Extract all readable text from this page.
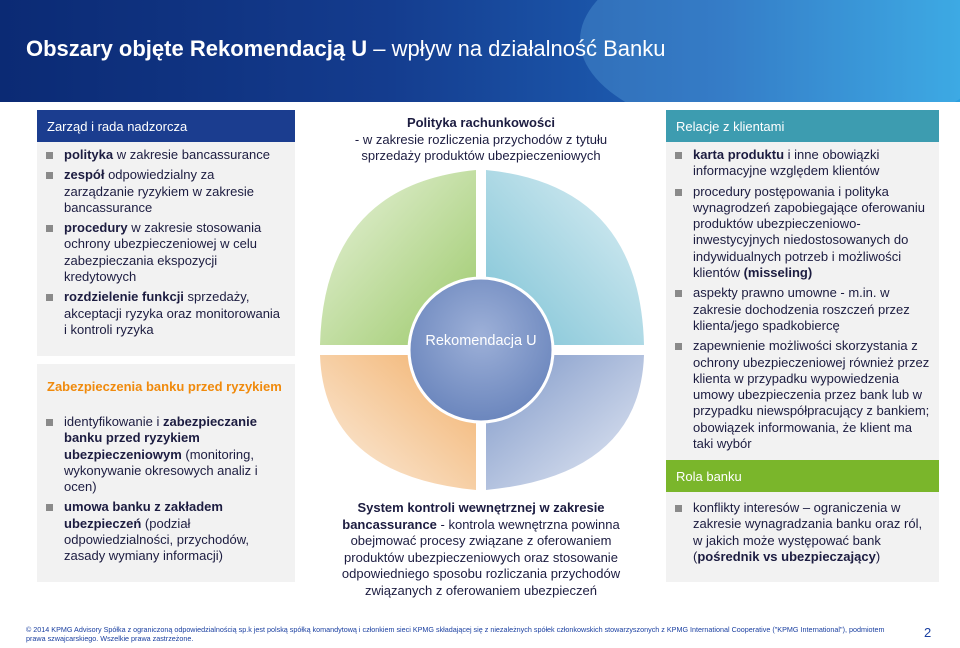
Obszary objęte Rekomendacją U – wpływ na działalność Banku
Zarząd i rada nadzorcza
polityka w zakresie bancassurance
zespół odpowiedzialny za zarządzanie ryzykiem w zakresie bancassurance
procedury w zakresie stosowania ochrony ubezpieczeniowej w celu zabezpieczania ekspozycji kredytowych
rozdzielenie funkcji sprzedaży, akceptacji ryzyka oraz monitorowania i kontroli ryzyka
Zabezpieczenia banku przed ryzykiem
identyfikowanie i zabezpieczanie banku przed ryzykiem ubezpieczeniowym (monitoring, wykonywanie okresowych analiz i ocen)
umowa banku z zakładem ubezpieczeń (podział odpowiedzialności, przychodów, zasady wymiany informacji)
Rekomendacja U
Polityka rachunkowości
- w zakresie rozliczenia przychodów z tytułu sprzedaży produktów ubezpieczeniowych
System kontroli wewnętrznej w zakresie bancassurance - kontrola wewnętrzna powinna obejmować procesy związane z oferowaniem produktów ubezpieczeniowych oraz stosowanie odpowiedniego sposobu rozliczania przychodów związanych z oferowaniem ubezpieczeń
Relacje z klientami
karta produktu i inne obowiązki informacyjne względem klientów
procedury postępowania i polityka wynagrodzeń zapobiegające oferowaniu produktów ubezpieczeniowo-inwestycyjnych niedostosowanych do indywidualnych potrzeb i możliwości klientów (misseling)
aspekty prawno umowne - m.in. w zakresie dochodzenia roszczeń przez klienta/jego spadkobiercę
zapewnienie możliwości skorzystania z ochrony ubezpieczeniowej również przez klienta w przypadku wypowiedzenia umowy ubezpieczenia przez bank lub w przypadku niewspółpracujący z bankiem; obowiązek informowania, że klient ma taki wybór
Rola banku
konflikty interesów – ograniczenia w zakresie wynagradzania banku oraz ról, w jakich może występować bank (pośrednik vs ubezpieczający)
© 2014 KPMG Advisory Spółka z ograniczoną odpowiedzialnością sp.k jest polską spółką komandytową i członkiem sieci KPMG składającej się z niezależnych spółek członkowskich stowarzyszonych z KPMG International Cooperative ("KPMG International"), podmiotem prawa szwajcarskiego. Wszelkie prawa zastrzeżone.	2
